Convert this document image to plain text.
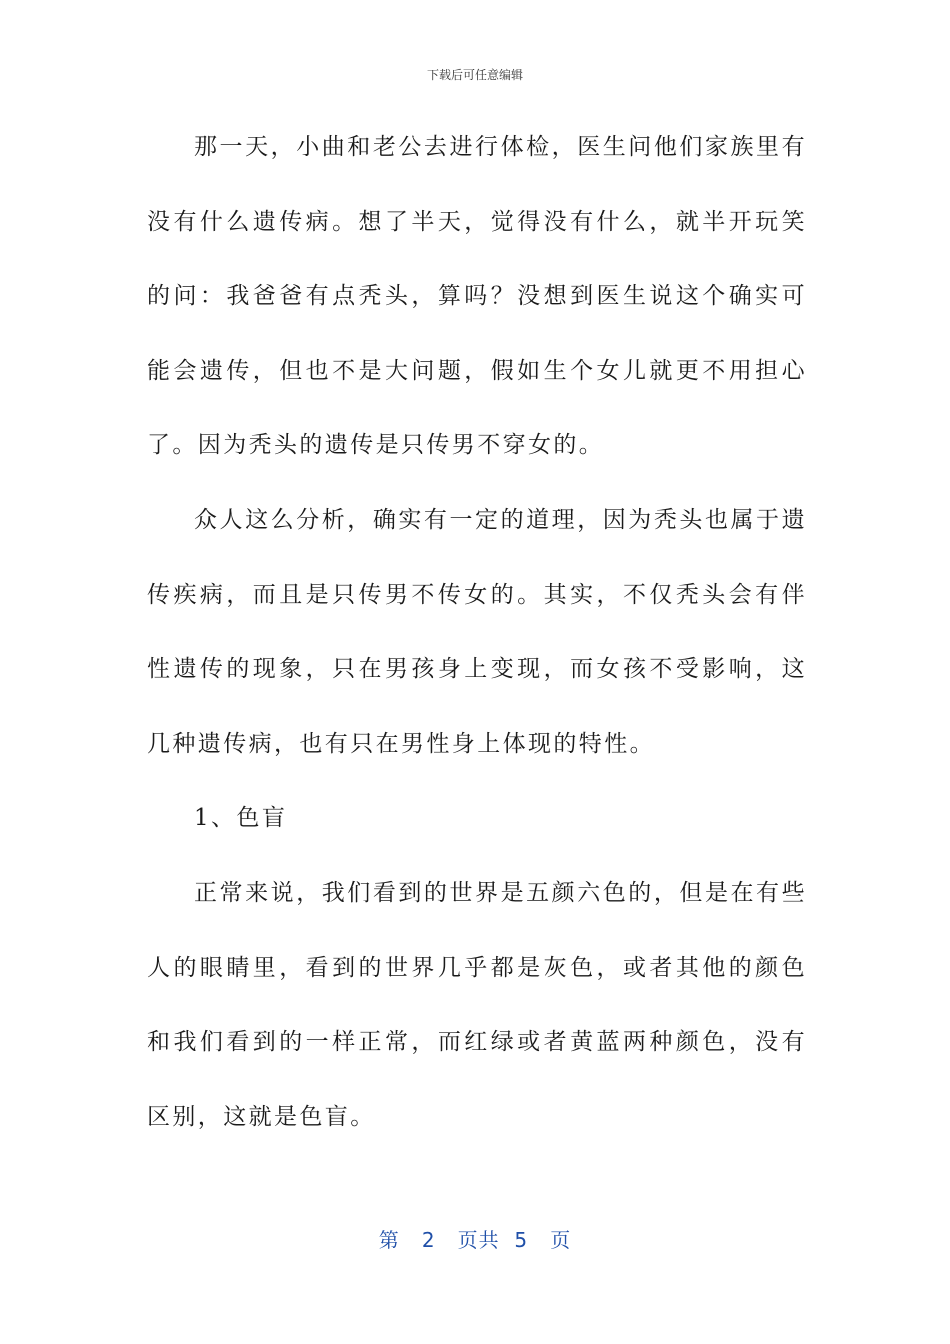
下载后可任意编辑

那一天，小曲和老公去进行体检，医生问他们家族里有没有什么遗传病。想了半天，觉得没有什么，就半开玩笑的问：我爸爸有点秃头，算吗？没想到医生说这个确实可能会遗传，但也不是大问题，假如生个女儿就更不用担心了。因为秃头的遗传是只传男不穿女的。

众人这么分析，确实有一定的道理，因为秃头也属于遗传疾病，而且是只传男不传女的。其实，不仅秃头会有伴性遗传的现象，只在男孩身上变现，而女孩不受影响，这几种遗传病，也有只在男性身上体现的特性。

1、色盲

正常来说，我们看到的世界是五颜六色的，但是在有些人的眼睛里，看到的世界几乎都是灰色，或者其他的颜色和我们看到的一样正常，而红绿或者黄蓝两种颜色，没有区别，这就是色盲。

第 2 页共 5 页
